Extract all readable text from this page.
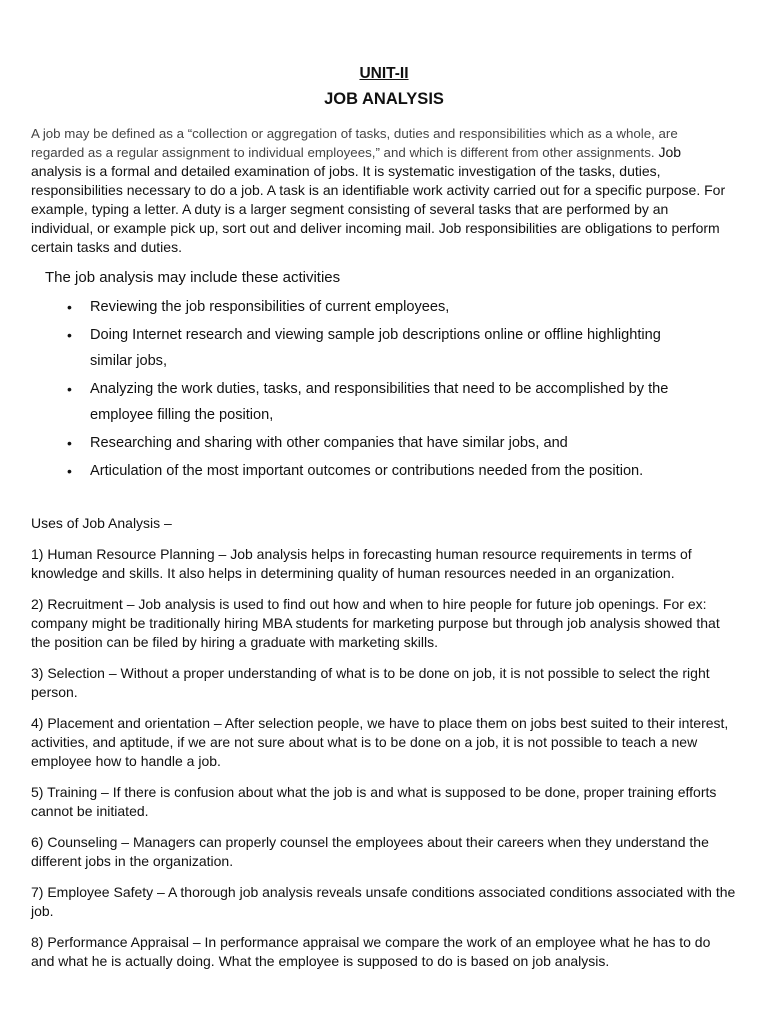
UNIT-II
JOB ANALYSIS
A job may be defined as a “collection or aggregation of tasks, duties and responsibilities which as a whole, are regarded as a regular assignment to individual employees,” and which is different from other assignments. Job analysis is a formal and detailed examination of jobs. It is systematic investigation of the tasks, duties, responsibilities necessary to do a job. A task is an identifiable work activity carried out for a specific purpose. For example, typing a letter. A duty is a larger segment consisting of several tasks that are performed by an individual, or example pick up, sort out and deliver incoming mail. Job responsibilities are obligations to perform certain tasks and duties.
The job analysis may include these activities
• Reviewing the job responsibilities of current employees,
• Doing Internet research and viewing sample job descriptions online or offline highlighting similar jobs,
• Analyzing the work duties, tasks, and responsibilities that need to be accomplished by the employee filling the position,
• Researching and sharing with other companies that have similar jobs, and
• Articulation of the most important outcomes or contributions needed from the position.
Uses of Job Analysis –

1) Human Resource Planning – Job analysis helps in forecasting human resource requirements in terms of knowledge and skills. It also helps in determining quality of human resources needed in an organization.

2) Recruitment – Job analysis is used to find out how and when to hire people for future job openings. For ex: company might be traditionally hiring MBA students for marketing purpose but through job analysis showed that the position can be filed by hiring a graduate with marketing skills.

3) Selection – Without a proper understanding of what is to be done on job, it is not possible to select the right person.

4) Placement and orientation – After selection people, we have to place them on jobs best suited to their interest, activities, and aptitude, if we are not sure about what is to be done on a job, it is not possible to teach a new employee how to handle a job.

5) Training – If there is confusion about what the job is and what is supposed to be done, proper training efforts cannot be initiated.

6) Counseling – Managers can properly counsel the employees about their careers when they understand the different jobs in the organization.

7) Employee Safety – A thorough job analysis reveals unsafe conditions associated conditions associated with the job.

8) Performance Appraisal – In performance appraisal we compare the work of an employee what he has to do and what he is actually doing. What the employee is supposed to do is based on job analysis.
